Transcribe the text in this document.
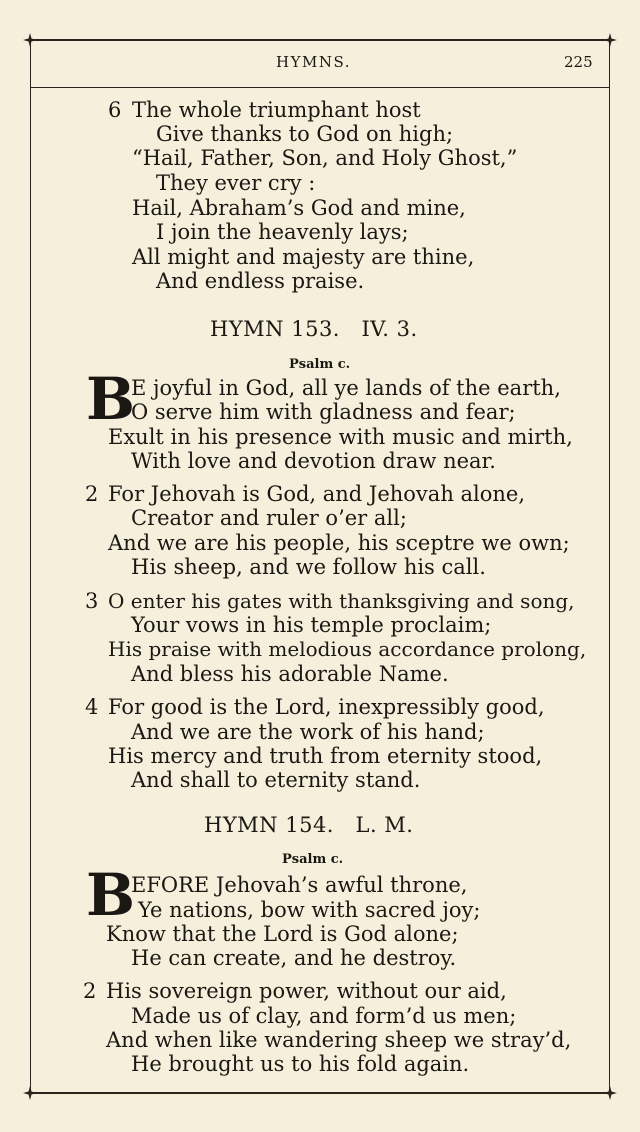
HYMNS.	225
6 The whole triumphant host
Give thanks to God on high;
“Hail, Father, Son, and Holy Ghost,”
They ever cry :
Hail, Abraham’s God and mine,
I join the heavenly lays;
All might and majesty are thine,
And endless praise.
HYMN 153.   IV. 3.
Psalm c.
B
E joyful in God, all ye lands of the earth,
O serve him with gladness and fear;
Exult in his presence with music and mirth,
With love and devotion draw near.
2 For Jehovah is God, and Jehovah alone,
Creator and ruler o’er all;
And we are his people, his sceptre we own;
His sheep, and we follow his call.
3 O enter his gates with thanksgiving and song,
Your vows in his temple proclaim;
His praise with melodious accordance prolong,
And bless his adorable Name.
4 For good is the Lord, inexpressibly good,
And we are the work of his hand;
His mercy and truth from eternity stood,
And shall to eternity stand.
HYMN 154.   L. M.
Psalm c.
B
EFORE Jehovah’s awful throne,
Ye nations, bow with sacred joy;
Know that the Lord is God alone;
He can create, and he destroy.
2 His sovereign power, without our aid,
Made us of clay, and form’d us men;
And when like wandering sheep we stray’d,
He brought us to his fold again.
